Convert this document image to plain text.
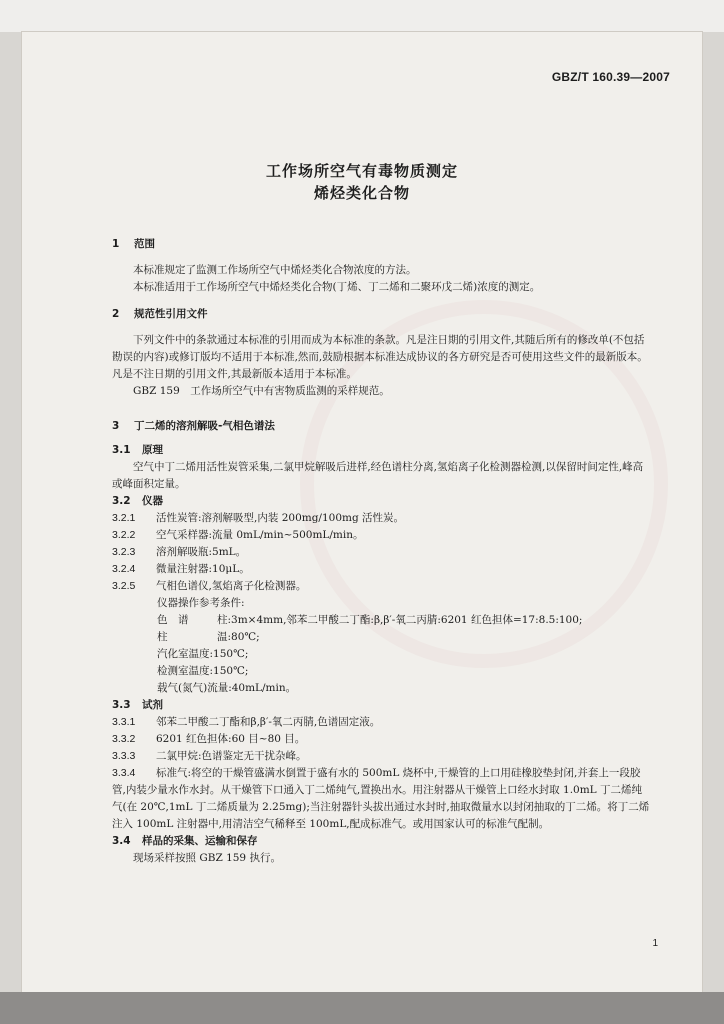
GBZ/T 160.39—2007
工作场所空气有毒物质测定
烯烃类化合物
1 范围

本标准规定了监测工作场所空气中烯烃类化合物浓度的方法。

本标准适用于工作场所空气中烯烃类化合物(丁烯、丁二烯和二聚环戊二烯)浓度的测定。

2 规范性引用文件

下列文件中的条款通过本标准的引用而成为本标准的条款。凡是注日期的引用文件,其随后所有的修改单(不包括勘误的内容)或修订版均不适用于本标准,然而,鼓励根据本标准达成协议的各方研究是否可使用这些文件的最新版本。凡是不注日期的引用文件,其最新版本适用于本标准。

GBZ 159　工作场所空气中有害物质监测的采样规范。

3 丁二烯的溶剂解吸-气相色谱法
3.1 原理

空气中丁二烯用活性炭管采集,二氯甲烷解吸后进样,经色谱柱分离,氢焰离子化检测器检测,以保留时间定性,峰高或峰面积定量。

3.2 仪器
3.2.1	活性炭管:溶剂解吸型,内装 200mg/100mg 活性炭。
3.2.2	空气采样器:流量 0mL/min~500mL/min。
3.2.3	溶剂解吸瓶:5mL。
3.2.4	微量注射器:10μL。
3.2.5	气相色谱仪,氢焰离子化检测器。
仪器操作参考条件:
色　谱	柱:3m×4mm,邻苯二甲酸二丁酯:β,β′-氧二丙腈:6201 红色担体=17:8.5:100;
柱	温:80℃;
汽化室温度:150℃;
检测室温度:150℃;
载气(氮气)流量:40mL/min。
3.3 试剂
3.3.1	邻苯二甲酸二丁酯和β,β′-氧二丙腈,色谱固定液。
3.3.2	6201 红色担体:60 目~80 目。
3.3.3	二氯甲烷:色谱鉴定无干扰杂峰。
3.3.4 标准气:将空的干燥管盛满水倒置于盛有水的 500mL 烧杯中,干燥管的上口用硅橡胶垫封闭,并套上一段胶管,内装少量水作水封。从干燥管下口通入丁二烯纯气,置换出水。用注射器从干燥管上口经水封取 1.0mL 丁二烯纯气(在 20℃,1mL 丁二烯质量为 2.25mg);当注射器针头拔出通过水封时,抽取微量水以封闭抽取的丁二烯。将丁二烯注入 100mL 注射器中,用清洁空气稀释至 100mL,配成标准气。或用国家认可的标准气配制。
3.4 样品的采集、运输和保存

现场采样按照 GBZ 159 执行。

1
